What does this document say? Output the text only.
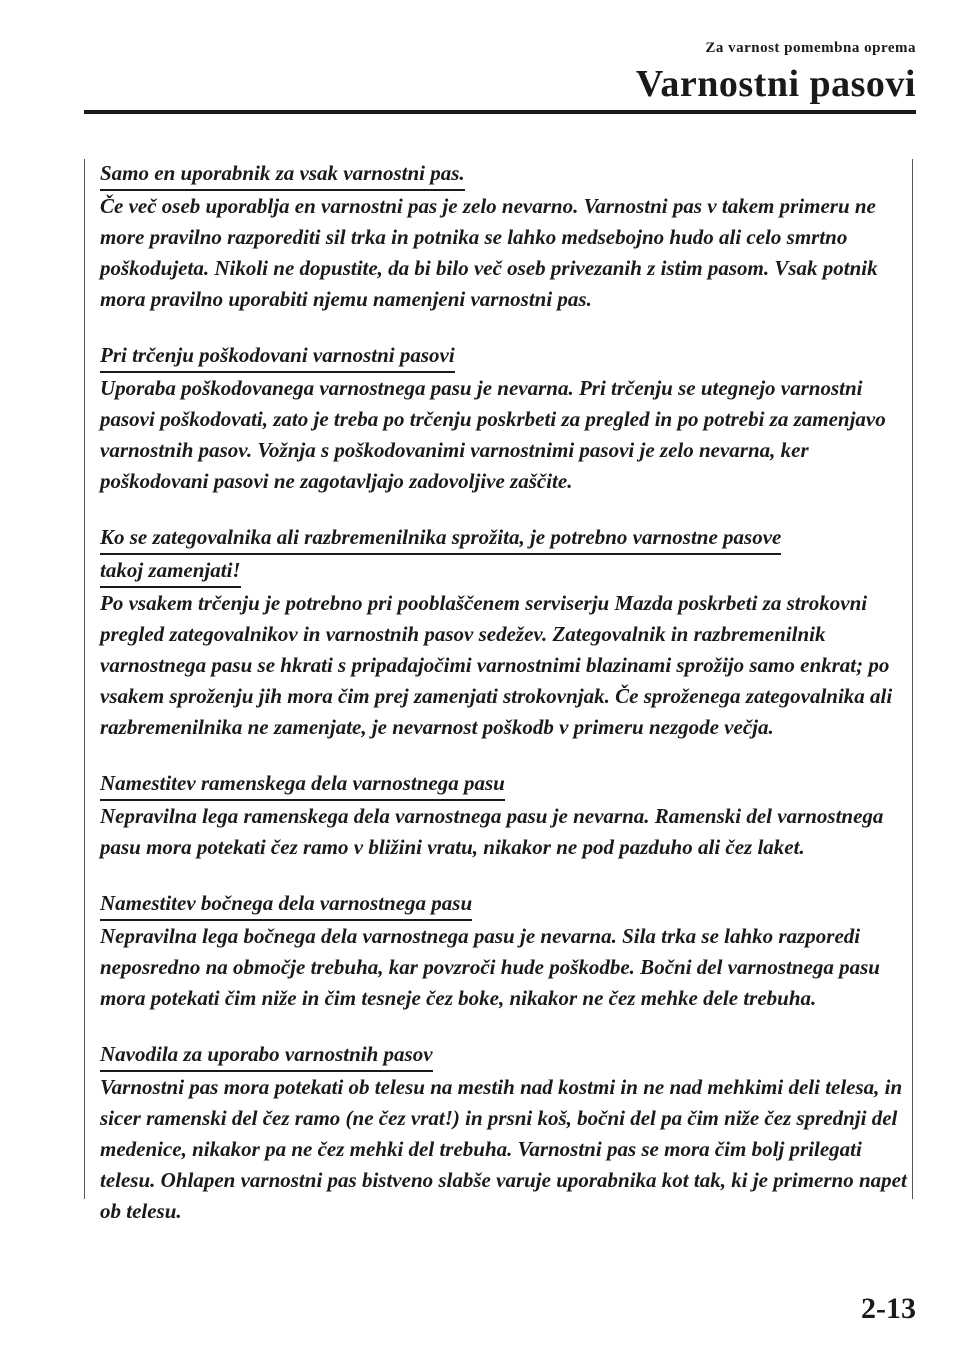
Za varnost pomembna oprema
Varnostni pasovi
Samo en uporabnik za vsak varnostni pas.

Če več oseb uporablja en varnostni pas je zelo nevarno. Varnostni pas v takem primeru ne more pravilno razporediti sil trka in potnika se lahko medsebojno hudo ali celo smrtno poškodujeta. Nikoli ne dopustite, da bi bilo več oseb privezanih z istim pasom. Vsak potnik mora pravilno uporabiti njemu namenjeni varnostni pas.

Pri trčenju poškodovani varnostni pasovi

Uporaba poškodovanega varnostnega pasu je nevarna. Pri trčenju se utegnejo varnostni pasovi poškodovati, zato je treba po trčenju poskrbeti za pregled in po potrebi za zamenjavo varnostnih pasov. Vožnja s poškodovanimi varnostnimi pasovi je zelo nevarna, ker poškodovani pasovi ne zagotavljajo zadovoljive zaščite.

Ko se zategovalnika ali razbremenilnika sprožita, je potrebno varnostne pasove
takoj zamenjati!

Po vsakem trčenju je potrebno pri pooblaščenem serviserju Mazda poskrbeti za strokovni pregled zategovalnikov in varnostnih pasov sedežev. Zategovalnik in razbremenilnik varnostnega pasu se hkrati s pripadajočimi varnostnimi blazinami sprožijo samo enkrat; po vsakem sproženju jih mora čim prej zamenjati strokovnjak. Če sproženega zategovalnika ali razbremenilnika ne zamenjate, je nevarnost poškodb v primeru nezgode večja.

Namestitev ramenskega dela varnostnega pasu

Nepravilna lega ramenskega dela varnostnega pasu je nevarna. Ramenski del varnostnega pasu mora potekati čez ramo v bližini vratu, nikakor ne pod pazduho ali čez laket.

Namestitev bočnega dela varnostnega pasu

Nepravilna lega bočnega dela varnostnega pasu je nevarna. Sila trka se lahko razporedi neposredno na območje trebuha, kar povzroči hude poškodbe. Bočni del varnostnega pasu mora potekati čim niže in čim tesneje čez boke, nikakor ne čez mehke dele trebuha.

Navodila za uporabo varnostnih pasov

Varnostni pas mora potekati ob telesu na mestih nad kostmi in ne nad mehkimi deli telesa, in sicer ramenski del čez ramo (ne čez vrat!) in prsni koš, bočni del pa čim niže čez sprednji del medenice, nikakor pa ne čez mehki del trebuha. Varnostni pas se mora čim bolj prilegati telesu. Ohlapen varnostni pas bistveno slabše varuje uporabnika kot tak, ki je primerno napet ob telesu.

2-13
